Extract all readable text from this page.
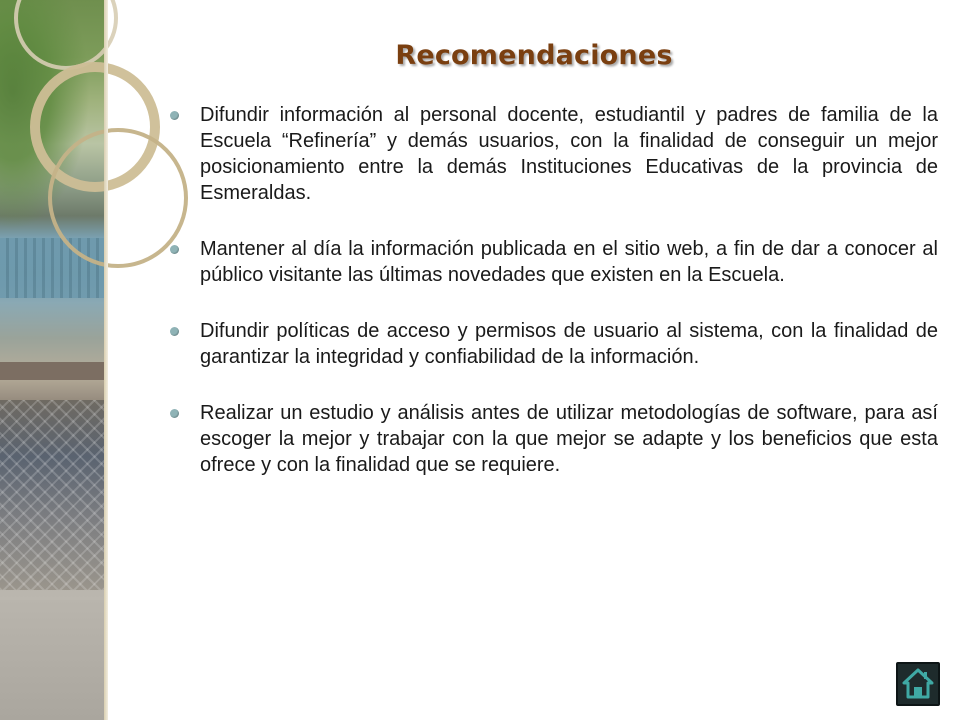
Recomendaciones
Difundir información al personal docente, estudiantil y padres de familia de la Escuela “Refinería” y demás usuarios, con la finalidad de conseguir un mejor posicionamiento entre la demás Instituciones Educativas de la provincia de Esmeraldas.
Mantener al día la información publicada en el sitio web, a fin de dar a conocer al público visitante las últimas novedades que existen en la Escuela.
Difundir políticas de acceso y permisos de usuario al sistema, con la finalidad de garantizar la integridad y confiabilidad de la información.
Realizar un estudio y análisis antes de utilizar metodologías de software, para así escoger la mejor y trabajar con la que mejor se adapte y los beneficios que esta ofrece y con la finalidad que se requiere.
